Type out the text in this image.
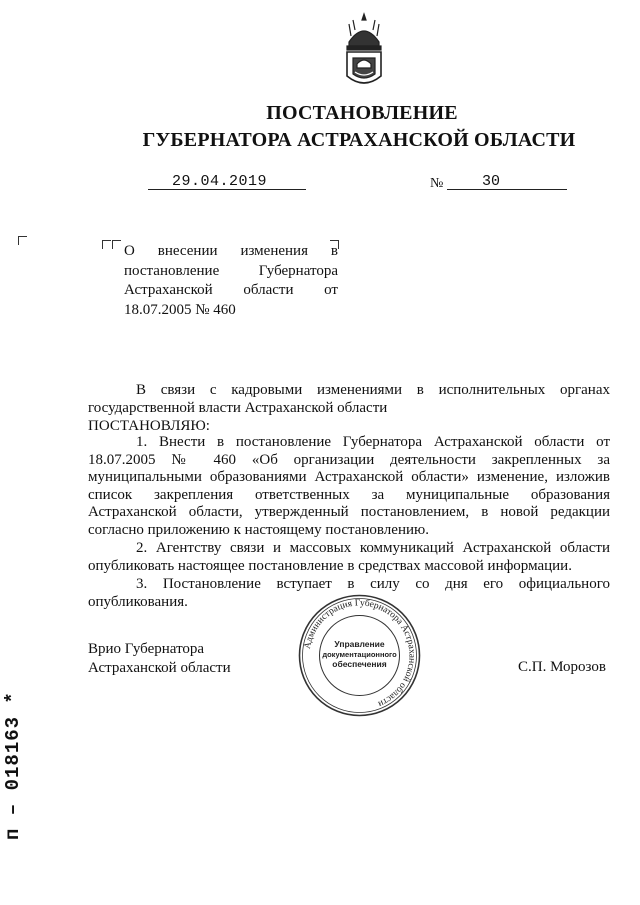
ПОСТАНОВЛЕНИЕ
ГУБЕРНАТОРА АСТРАХАНСКОЙ ОБЛАСТИ
29.04.2019	№	30
О внесении изменения в постановление Губернатора Астраханской области от 18.07.2005 № 460
В связи с кадровыми изменениями в исполнительных органах государственной власти Астраханской области
ПОСТАНОВЛЯЮ:
1. Внести в постановление Губернатора Астраханской области от 18.07.2005 № 460 «Об организации деятельности закрепленных за муниципальными образованиями Астраханской области» изменение, изложив список закрепления ответственных за муниципальные образования Астраханской области, утвержденный постановлением, в новой редакции согласно приложению к настоящему постановлению.
2. Агентству связи и массовых коммуникаций Астраханской области опубликовать настоящее постановление в средствах массовой информации.
3. Постановление вступает в силу со дня его официального опубликования.
Врио Губернатора
Астраханской области	С.П. Морозов
Администрация Губернатора Астраханской области
Управление
документационного
обеспечения
п – 018163 *
